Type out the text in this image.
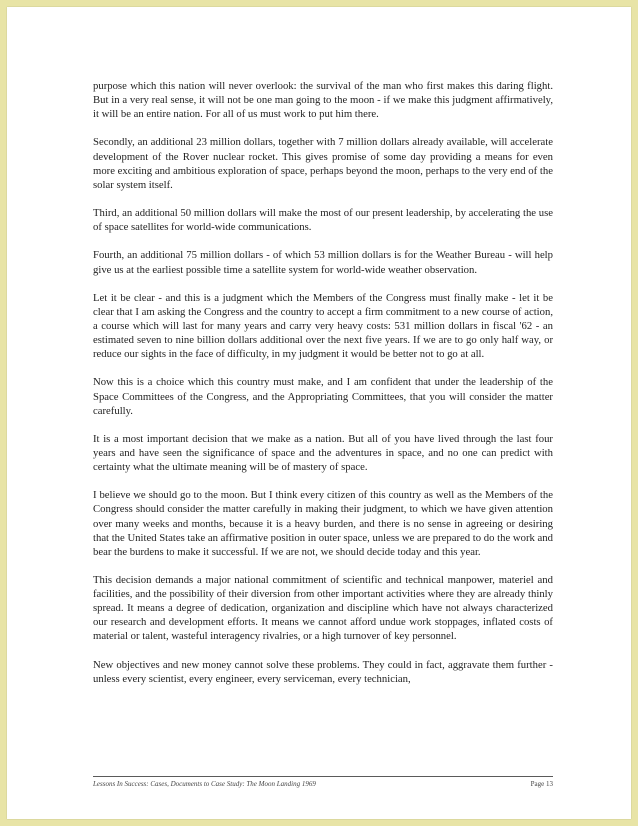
purpose which this nation will never overlook: the survival of the man who first makes this daring flight. But in a very real sense, it will not be one man going to the moon - if we make this judgment affirmatively, it will be an entire nation. For all of us must work to put him there.

Secondly, an additional 23 million dollars, together with 7 million dollars already available, will accelerate development of the Rover nuclear rocket. This gives promise of some day providing a means for even more exciting and ambitious exploration of space, perhaps beyond the moon, perhaps to the very end of the solar system itself.

Third, an additional 50 million dollars will make the most of our present leadership, by accelerating the use of space satellites for world-wide communications.

Fourth, an additional 75 million dollars - of which 53 million dollars is for the Weather Bureau - will help give us at the earliest possible time a satellite system for world-wide weather observation.

Let it be clear - and this is a judgment which the Members of the Congress must finally make - let it be clear that I am asking the Congress and the country to accept a firm commitment to a new course of action, a course which will last for many years and carry very heavy costs: 531 million dollars in fiscal '62 - an estimated seven to nine billion dollars additional over the next five years. If we are to go only half way, or reduce our sights in the face of difficulty, in my judgment it would be better not to go at all.

Now this is a choice which this country must make, and I am confident that under the leadership of the Space Committees of the Congress, and the Appropriating Committees, that you will consider the matter carefully.

It is a most important decision that we make as a nation. But all of you have lived through the last four years and have seen the significance of space and the adventures in space, and no one can predict with certainty what the ultimate meaning will be of mastery of space.

I believe we should go to the moon. But I think every citizen of this country as well as the Members of the Congress should consider the matter carefully in making their judgment, to which we have given attention over many weeks and months, because it is a heavy burden, and there is no sense in agreeing or desiring that the United States take an affirmative position in outer space, unless we are prepared to do the work and bear the burdens to make it successful. If we are not, we should decide today and this year.

This decision demands a major national commitment of scientific and technical manpower, materiel and facilities, and the possibility of their diversion from other important activities where they are already thinly spread. It means a degree of dedication, organization and discipline which have not always characterized our research and development efforts. It means we cannot afford undue work stoppages, inflated costs of material or talent, wasteful interagency rivalries, or a high turnover of key personnel.

New objectives and new money cannot solve these problems. They could in fact, aggravate them further - unless every scientist, every engineer, every serviceman, every technician,

Lessons In Success: Cases, Documents to Case Study: The Moon Landing 1969	Page 13
